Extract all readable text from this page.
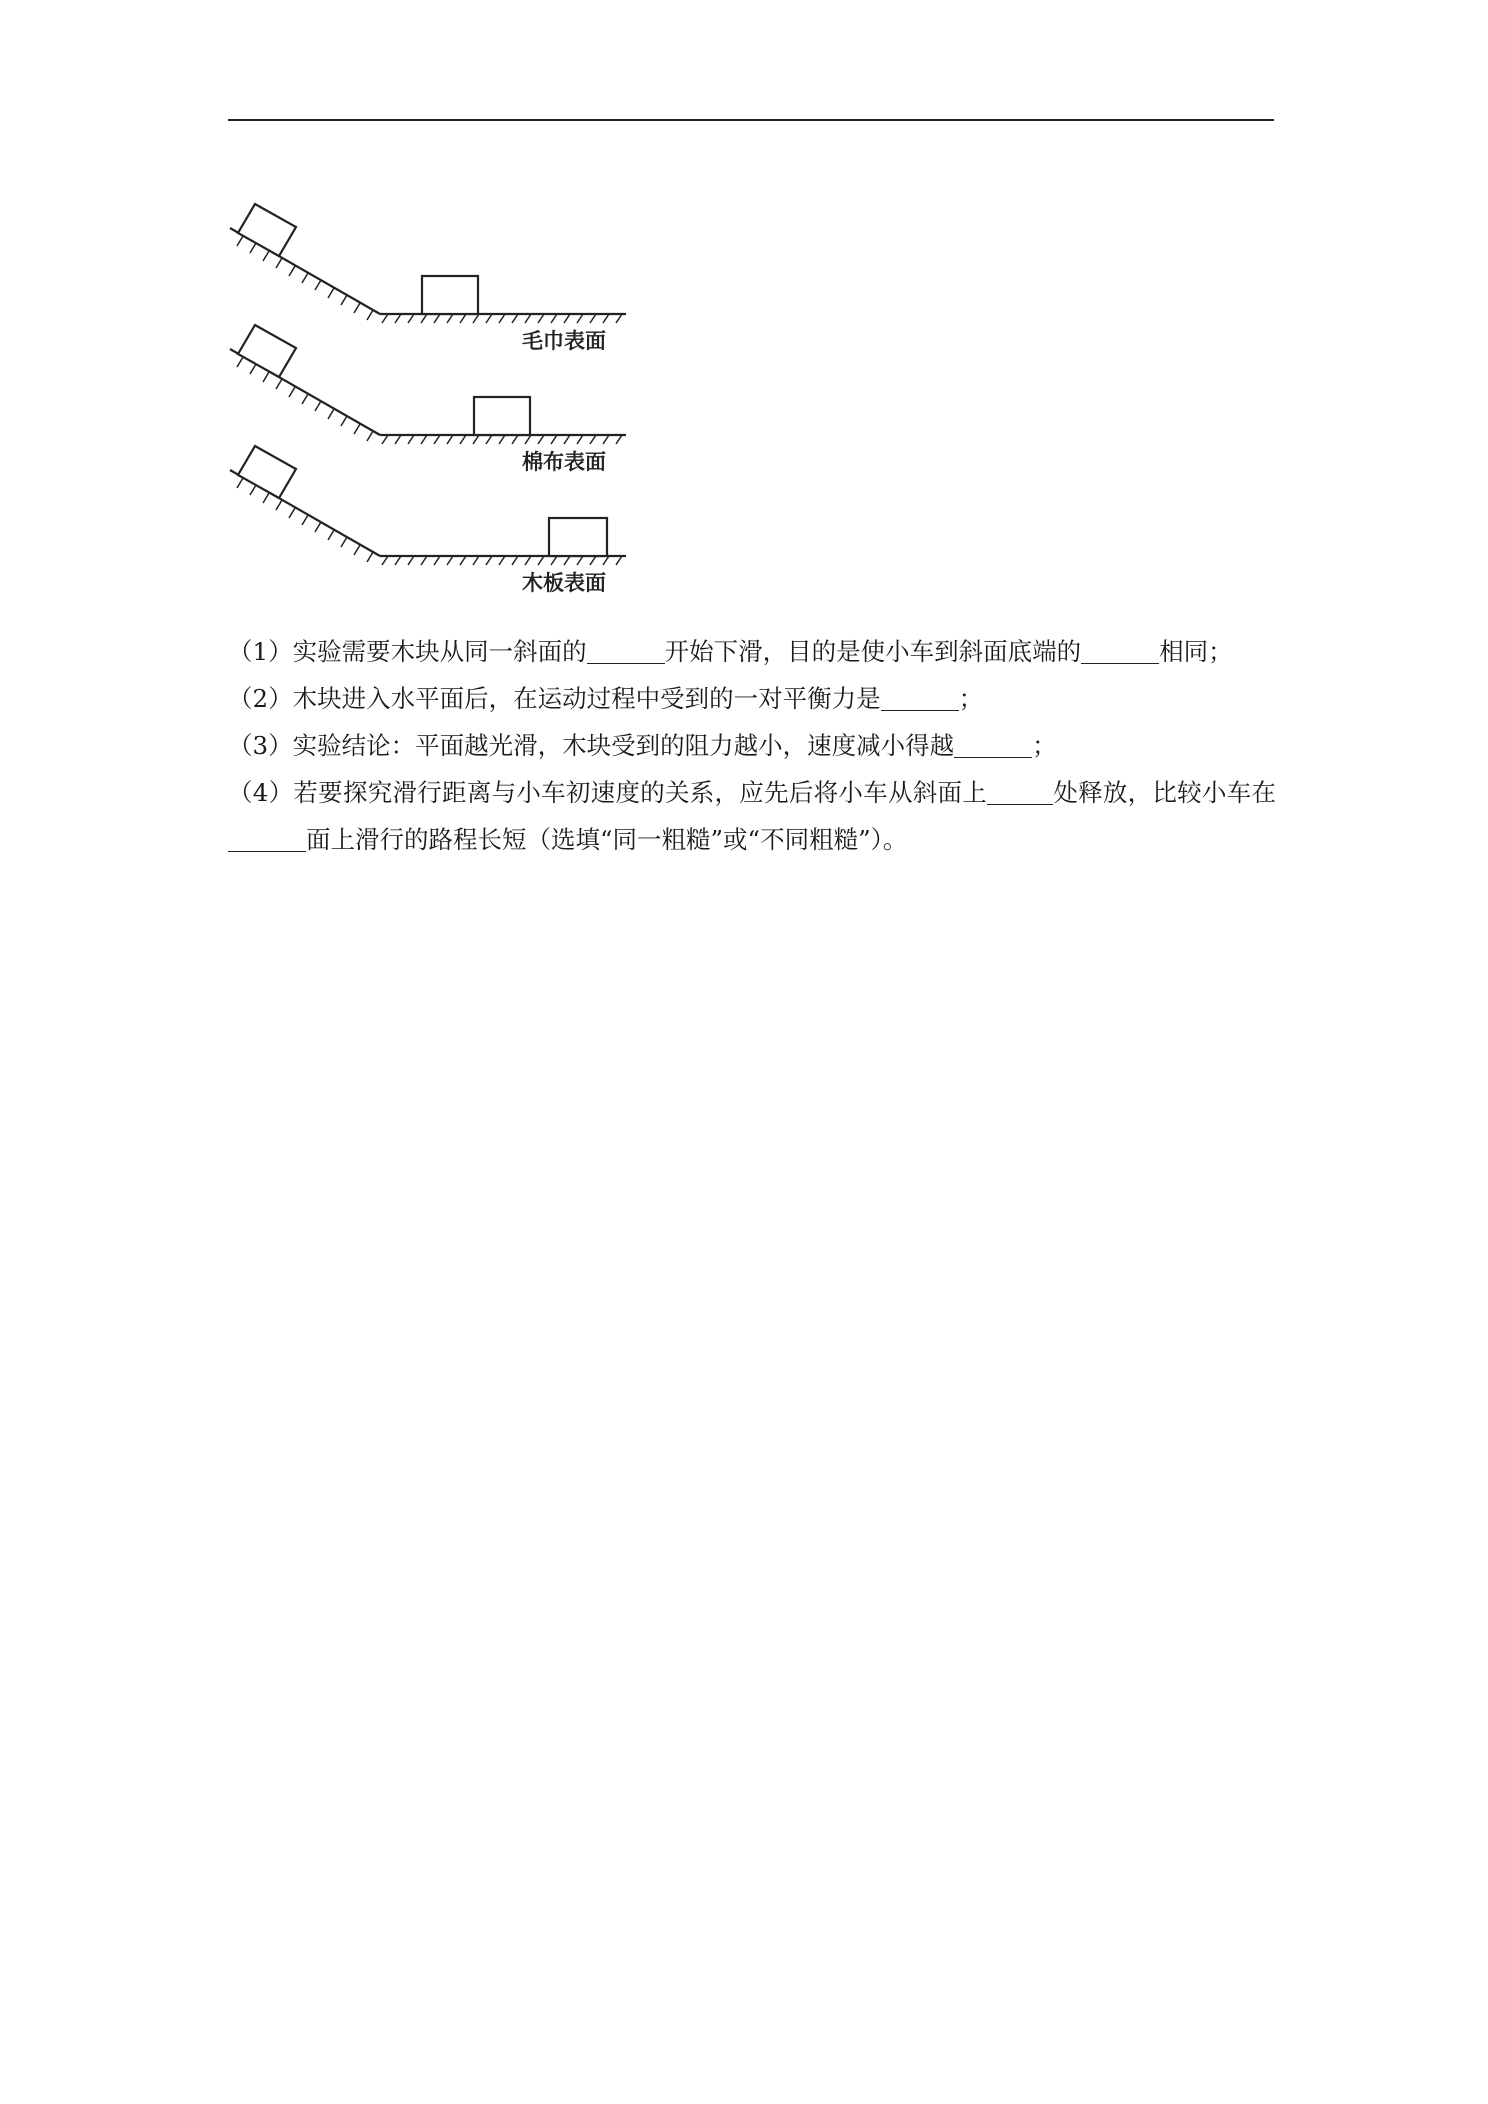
毛巾表面
棉布表面
木板表面

（1）实验需要木块从同一斜面的	开始下滑，目的是使小车到斜面底端的	相同；

（2）木块进入水平面后，在运动过程中受到的一对平衡力是	；

（3）实验结论：平面越光滑，木块受到的阻力越小，速度减小得越	；

（4）若要探究滑行距离与小车初速度的关系，应先后将小车从斜面上	处释放，比较小车在面上滑行的路程长短（选填“同一粗糙”或“不同粗糙”）。
